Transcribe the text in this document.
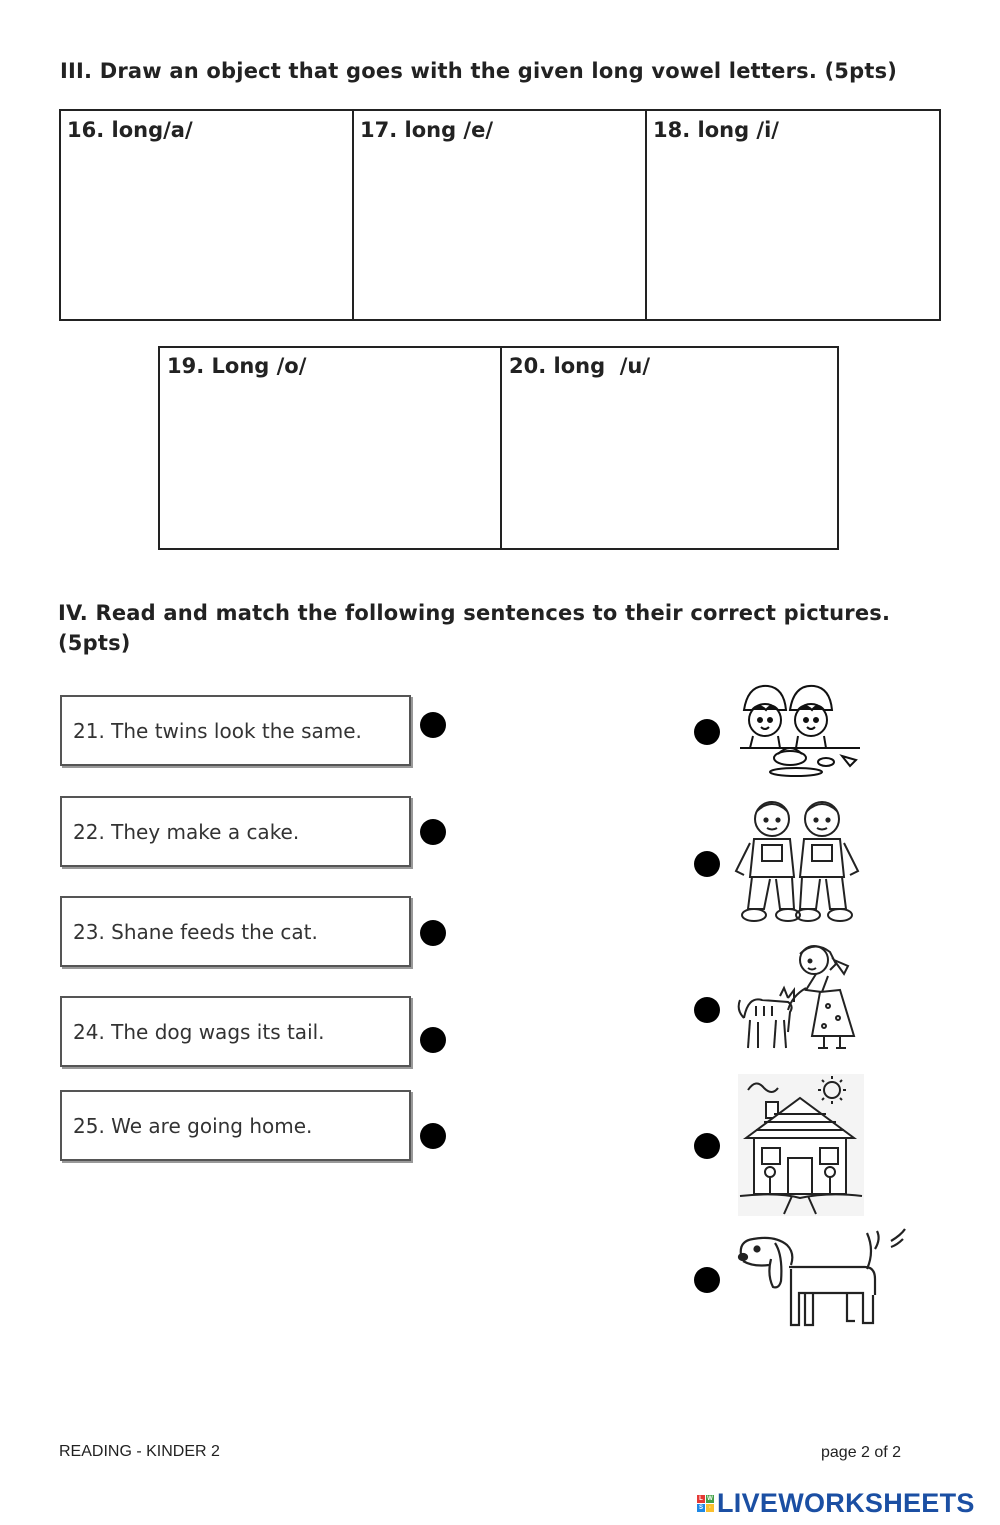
III. Draw an object that goes with the given long vowel letters. (5pts)
16. long/a/	17. long /e/	18. long /i/
19. Long /o/	20. long  /u/
IV. Read and match the following sentences to their correct pictures.
(5pts)
21. The twins look the same.
22. They make a cake.
23. Shane feeds the cat.
24. The dog wags its tail.
25. We are going home.
READING - KINDER 2	page 2 of 2
L W
S	· LIVEWORKSHEETS
